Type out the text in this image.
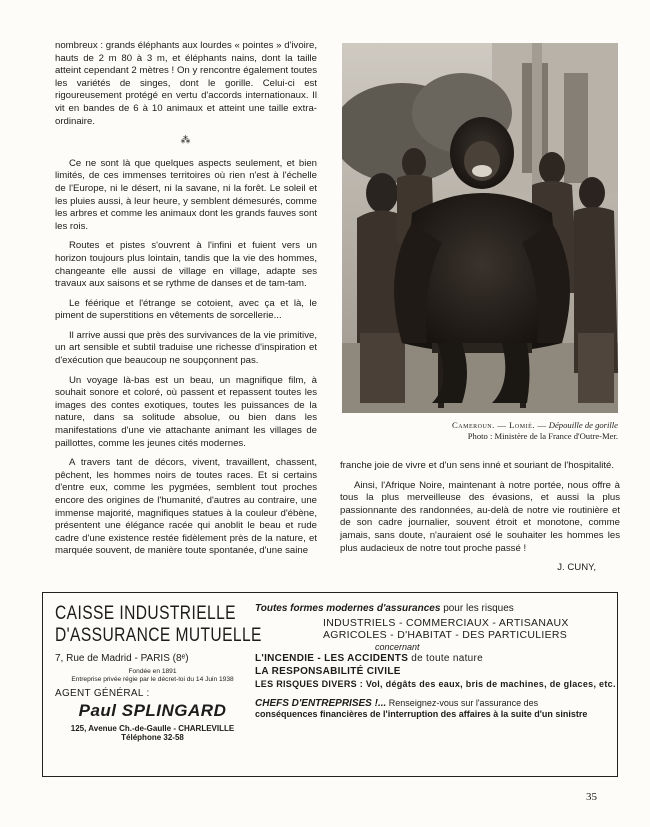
nombreux : grands éléphants aux lourdes « pointes » d'ivoire, hauts de 2 m 80 à 3 m, et éléphants nains, dont la taille atteint cependant 2 mètres ! On y rencontre également toutes les variétés de singes, dont le gorille. Celui-ci est rigoureusement protégé en vertu d'accords internationaux. Il vit en bandes de 6 à 10 animaux et atteint une taille extra-ordinaire.

⁂

Ce ne sont là que quelques aspects seulement, et bien limités, de ces immenses territoires où rien n'est à l'échelle de l'Europe, ni le désert, ni la savane, ni la forêt. Le soleil et les pluies aussi, à leur heure, y semblent démesurés, comme les arbres et comme les animaux dont les grands fauves sont les rois.

Routes et pistes s'ouvrent à l'infini et fuient vers un horizon toujours plus lointain, tandis que la vie des hommes, changeante elle aussi de village en village, adapte ses travaux aux saisons et se rythme de danses et de tam-tam.

Le féérique et l'étrange se cotoient, avec ça et là, le piment de superstitions en vêtements de sorcellerie...

Il arrive aussi que près des survivances de la vie primitive, un art sensible et subtil traduise une richesse d'inspiration et d'exécution que beaucoup ne soupçonnent pas.

Un voyage là-bas est un beau, un magnifique film, à souhait sonore et coloré, où passent et repassent toutes les images des contes exotiques, toutes les puissances de la nature, dans sa solitude absolue, ou bien dans les manifestations d'une vie attachante animant les villages de paillottes, comme les jeunes cités modernes.

A travers tant de décors, vivent, travaillent, chassent, pêchent, les hommes noirs de toutes races. Et si certains d'entre eux, comme les pygmées, semblent tout proches encore des origines de l'humanité, d'autres au contraire, une immense majorité, magnifiques statues à la couleur d'ébène, présentent une élégance racée qui anoblit le beau et rude cadre d'une existence restée fidèlement près de la nature, et marquée souvent, de manière toute spontanée, d'une saine

Cameroun. — Lomié. — Dépouille de gorille
Photo : Ministère de la France d'Outre-Mer.

franche joie de vivre et d'un sens inné et souriant de l'hospitalité.

Ainsi, l'Afrique Noire, maintenant à notre portée, nous offre à tous la plus merveilleuse des évasions, et aussi la plus passionnante des randonnées, au-delà de notre vie routinière et de son cadre journalier, souvent étroit et monotone, comme jamais, sans doute, n'auraient osé le souhaiter les hommes les plus audacieux de notre tout proche passé !

J. CUNY,
CAISSE INDUSTRIELLE
D'ASSURANCE MUTUELLE
7, Rue de Madrid - PARIS (8ᵉ)
Fondée en 1891
Entreprise privée régie par le décret-loi du 14 Juin 1938
AGENT GÉNÉRAL :
Paul SPLINGARD
125, Avenue Ch.-de-Gaulle - CHARLEVILLE
Téléphone 32-58
Toutes formes modernes d'assurances pour les risques
INDUSTRIELS - COMMERCIAUX - ARTISANAUX
AGRICOLES - D'HABITAT - DES PARTICULIERS
concernant
L'INCENDIE - LES ACCIDENTS de toute nature
LA RESPONSABILITÉ CIVILE
LES RISQUES DIVERS : Vol, dégâts des eaux, bris de machines, de glaces, etc.
CHEFS D'ENTREPRISES !... Renseignez-vous sur l'assurance des
conséquences financières de l'interruption des affaires à la suite d'un sinistre
35
